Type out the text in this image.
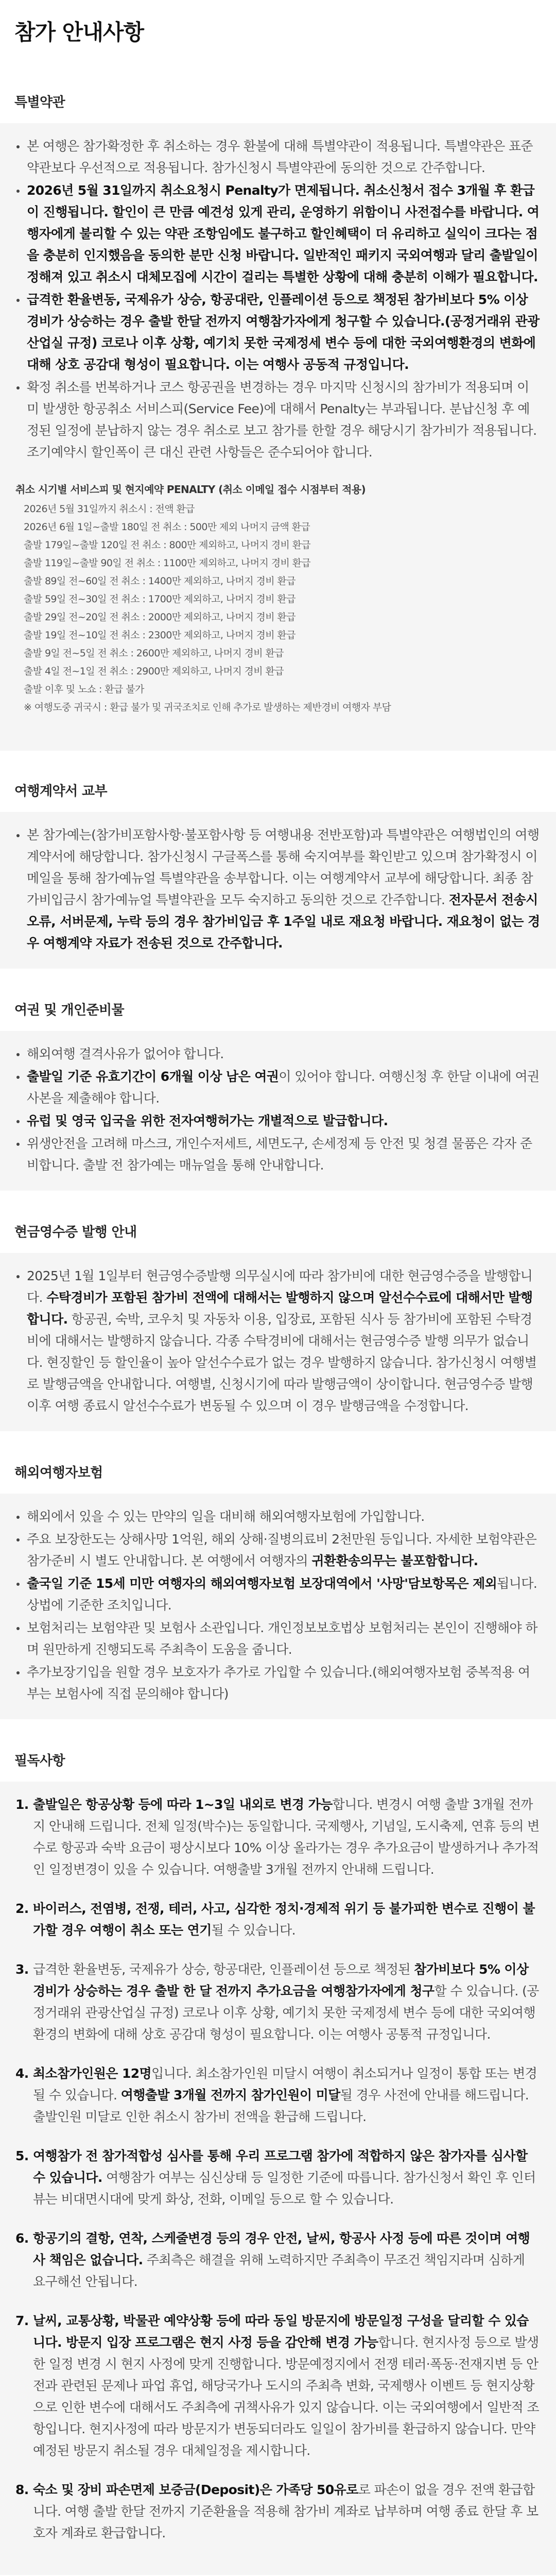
참가 안내사항
특별약관
본 여행은 참가확정한 후 취소하는 경우 환불에 대해 특별약관이 적용됩니다. 특별약관은 표준약관보다 우선적으로 적용됩니다. 참가신청시 특별약관에 동의한 것으로 간주합니다.
2026년 5월 31일까지 취소요청시 Penalty가 면제됩니다. 취소신청서 접수 3개월 후 환급이 진행됩니다. 할인이 큰 만큼 예견성 있게 관리, 운영하기 위함이니 사전접수를 바랍니다. 여행자에게 불리할 수 있는 약관 조항임에도 불구하고 할인혜택이 더 유리하고 실익이 크다는 점을 충분히 인지했음을 동의한 분만 신청 바랍니다. 일반적인 패키지 국외여행과 달리 출발일이 정해져 있고 취소시 대체모집에 시간이 걸리는 특별한 상황에 대해 충분히 이해가 필요합니다.
급격한 환율변동, 국제유가 상승, 항공대란, 인플레이션 등으로 책정된 참가비보다 5% 이상 경비가 상승하는 경우 출발 한달 전까지 여행참가자에게 청구할 수 있습니다.(공정거래위 관광산업실 규정) 코로나 이후 상황, 예기치 못한 국제정세 변수 등에 대한 국외여행환경의 변화에 대해 상호 공감대 형성이 필요합니다. 이는 여행사 공동적 규정입니다.
확정 취소를 번복하거나 코스 항공권을 변경하는 경우 마지막 신청시의 참가비가 적용되며 이미 발생한 항공취소 서비스피(Service Fee)에 대해서 Penalty는 부과됩니다. 분납신청 후 예정된 일정에 분납하지 않는 경우 취소로 보고 참가를 한할 경우 해당시기 참가비가 적용됩니다. 조기예약시 할인폭이 큰 대신 관련 사항들은 준수되어야 합니다.
취소 시기별 서비스피 및 현지예약 PENALTY (취소 이메일 접수 시점부터 적용)
2026년 5월 31일까지 취소시 : 전액 환급
2026년 6월 1일~출발 180일 전 취소 : 500만 제외 나머지 금액 환급
출발 179일~출발 120일 전 취소 : 800만 제외하고, 나머지 경비 환급
출발 119일~출발 90일 전 취소 : 1100만 제외하고, 나머지 경비 환급
출발 89일 전~60일 전 취소 : 1400만 제외하고, 나머지 경비 환급
출발 59일 전~30일 전 취소 : 1700만 제외하고, 나머지 경비 환급
출발 29일 전~20일 전 취소 : 2000만 제외하고, 나머지 경비 환급
출발 19일 전~10일 전 취소 : 2300만 제외하고, 나머지 경비 환급
출발 9일 전~5일 전 취소 : 2600만 제외하고, 나머지 경비 환급
출발 4일 전~1일 전 취소 : 2900만 제외하고, 나머지 경비 환급
출발 이후 및 노쇼 : 환급 불가
※ 여행도중 귀국시 : 환급 불가 및 귀국조치로 인해 추가로 발생하는 제반경비 여행자 부담
여행계약서 교부
본 참가예는(참가비포함사항·불포함사항 등 여행내용 전반포함)과 특별약관은 여행법인의 여행계약서에 해당합니다. 참가신청시 구글폭스를 통해 숙지여부를 확인받고 있으며 참가확정시 이메일을 통해 참가예뉴얼 특별약관을 송부합니다. 이는 여행계약서 교부에 해당합니다. 최종 참가비입금시 참가예뉴얼 특별약관을 모두 숙지하고 동의한 것으로 간주합니다. 전자문서 전송시 오류, 서버문제, 누락 등의 경우 참가비입금 후 1주일 내로 재요청 바랍니다. 재요청이 없는 경우 여행계약 자료가 전송된 것으로 간주합니다.
여권 및 개인준비물
해외여행 결격사유가 없어야 합니다.
출발일 기준 유효기간이 6개월 이상 남은 여권이 있어야 합니다. 여행신청 후 한달 이내에 여권사본을 제출해야 합니다.
유럽 및 영국 입국을 위한 전자여행허가는 개별적으로 발급합니다.
위생안전을 고려해 마스크, 개인수저세트, 세면도구, 손세정제 등 안전 및 청결 물품은 각자 준비합니다. 출발 전 참가예는 매뉴얼을 통해 안내합니다.
현금영수증 발행 안내
2025년 1월 1일부터 현금영수증발행 의무실시에 따라 참가비에 대한 현금영수증을 발행합니다. 수탁경비가 포함된 참가비 전액에 대해서는 발행하지 않으며 알선수수료에 대해서만 발행합니다. 항공권, 숙박, 코우치 및 자동차 이용, 입장료, 포함된 식사 등 참가비에 포함된 수탁경비에 대해서는 발행하지 않습니다. 각종 수탁경비에 대해서는 현금영수증 발행 의무가 없습니다. 현징할인 등 할인율이 높아 알선수수료가 없는 경우 발행하지 않습니다. 참가신청시 여행별로 발행금액을 안내합니다. 여행별, 신청시기에 따라 발행금액이 상이합니다. 현금영수증 발행 이후 여행 종료시 알선수수료가 변동될 수 있으며 이 경우 발행금액을 수정합니다.
해외여행자보험
해외에서 있을 수 있는 만약의 일을 대비해 해외여행자보험에 가입합니다.
주요 보장한도는 상해사망 1억원, 해외 상해·질병의료비 2천만원 등입니다. 자세한 보험약관은 참가준비 시 별도 안내합니다. 본 여행에서 여행자의 귀환환송의무는 불포함합니다.
출국일 기준 15세 미만 여행자의 해외여행자보험 보장대역에서 '사망'담보항목은 제외됩니다. 상법에 기준한 조치입니다.
보험처리는 보험약관 및 보험사 소관입니다. 개인정보보호법상 보험처리는 본인이 진행해야 하며 원만하게 진행되도록 주최측이 도움을 줍니다.
추가보장기입을 원할 경우 보호자가 추가로 가입할 수 있습니다.(해외여행자보험 중복적용 여부는 보험사에 직접 문의해야 합니다)
필독사항
1. 출발일은 항공상황 등에 따라 1~3일 내외로 변경 가능합니다. 변경시 여행 출발 3개월 전까지 안내해 드립니다. 전체 일정(박수)는 동일합니다. 국제행사, 기념일, 도시축제, 연휴 등의 변수로 항공과 숙박 요금이 평상시보다 10% 이상 올라가는 경우 추가요금이 발생하거나 추가적인 일정변경이 있을 수 있습니다. 여행출발 3개월 전까지 안내해 드립니다.
2. 바이러스, 전염병, 전쟁, 테러, 사고, 심각한 정치·경제적 위기 등 불가피한 변수로 진행이 불가할 경우 여행이 취소 또는 연기될 수 있습니다.
3. 급격한 환율변동, 국제유가 상승, 항공대란, 인플레이션 등으로 책정된 참가비보다 5% 이상 경비가 상승하는 경우 출발 한 달 전까지 추가요금을 여행참가자에게 청구할 수 있습니다. (공정거래위 관광산업실 규정) 코로나 이후 상황, 예기치 못한 국제정세 변수 등에 대한 국외여행환경의 변화에 대해 상호 공감대 형성이 필요합니다. 이는 여행사 공통적 규정입니다.
4. 최소참가인원은 12명입니다. 최소참가인원 미달시 여행이 취소되거나 일정이 통합 또는 변경될 수 있습니다. 여행출발 3개월 전까지 참가인원이 미달될 경우 사전에 안내를 해드립니다. 출발인원 미달로 인한 취소시 참가비 전액을 환급해 드립니다.
5. 여행참가 전 참가적합성 심사를 통해 우리 프로그램 참가에 적합하지 않은 참가자를 심사할 수 있습니다. 여행참가 여부는 심신상태 등 일정한 기준에 따릅니다. 참가신청서 확인 후 인터뷰는 비대면시대에 맞게 화상, 전화, 이메일 등으로 할 수 있습니다.
6. 항공기의 결항, 연착, 스케줄변경 등의 경우 안전, 날씨, 항공사 사정 등에 따른 것이며 여행사 책임은 없습니다. 주최측은 해결을 위해 노력하지만 주최측이 무조건 책임지라며 심하게 요구해선 안됩니다.
7. 날씨, 교통상황, 박물관 예약상황 등에 따라 동일 방문지에 방문일정 구성을 달리할 수 있습니다. 방문지 입장 프로그램은 현지 사정 등을 감안해 변경 가능합니다. 현지사정 등으로 발생한 일정 변경 시 현지 사정에 맞게 진행합니다. 방문예정지에서 전쟁 테러·폭동·전재지변 등 안전과 관련된 문제나 파업 휴업, 해당국가나 도시의 주최측 변화, 국제행사 이벤트 등 현지상황으로 인한 변수에 대해서도 주최측에 귀책사유가 있지 않습니다. 이는 국외여행에서 일반적 조항입니다. 현지사정에 따라 방문지가 변동되더라도 일일이 참가비를 환급하지 않습니다. 만약 예정된 방문지 취소될 경우 대체일정을 제시합니다.
8. 숙소 및 장비 파손면제 보증금(Deposit)은 가족당 50유로로 파손이 없을 경우 전액 환급합니다. 여행 출발 한달 전까지 기준환율을 적용해 참가비 계좌로 납부하며 여행 종료 한달 후 보호자 계좌로 환급합니다.
